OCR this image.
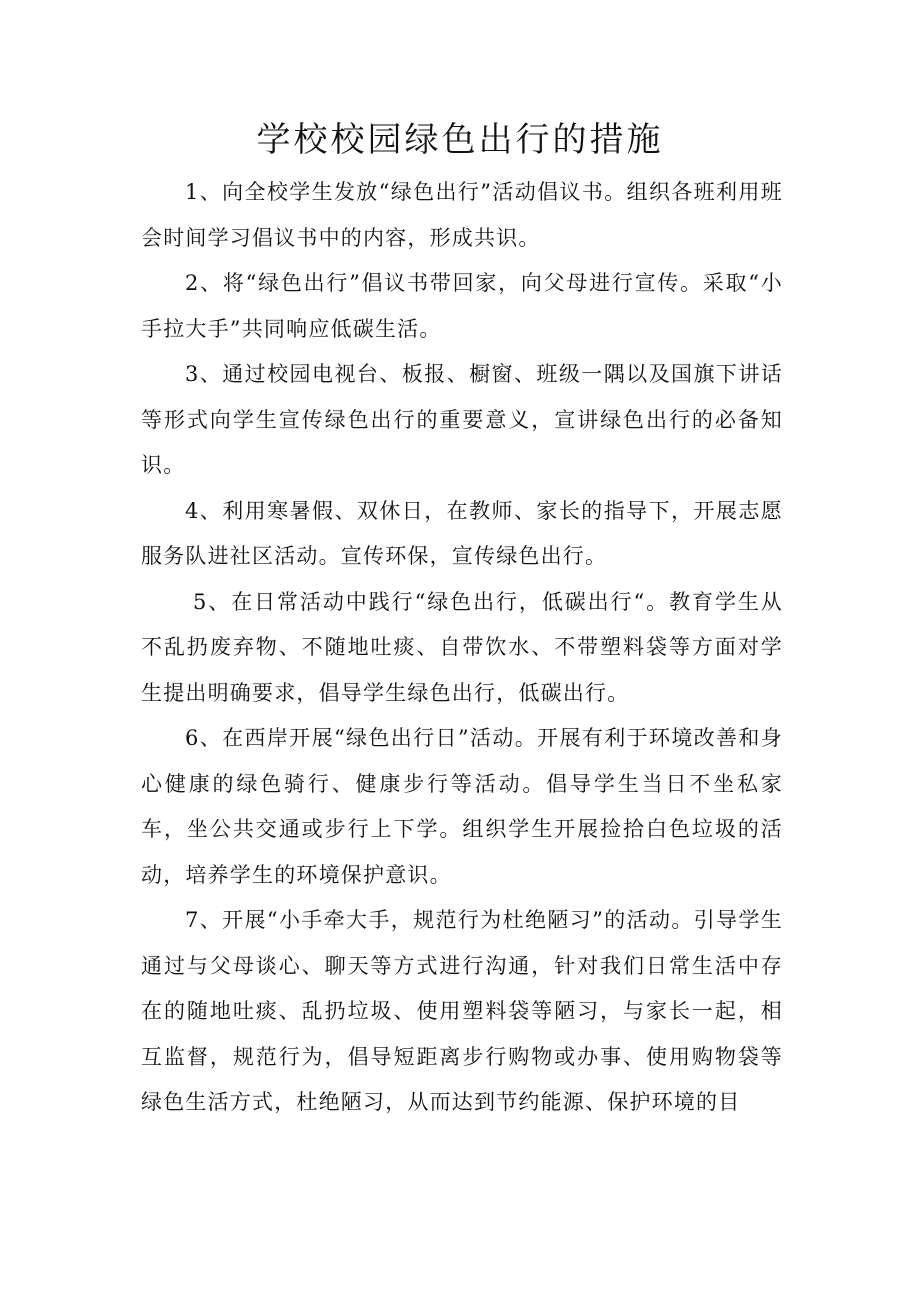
学校校园绿色出行的措施

1、向全校学生发放“绿色出行”活动倡议书。组织各班利用班会时间学习倡议书中的内容，形成共识。

2、将“绿色出行”倡议书带回家，向父母进行宣传。采取“小手拉大手”共同响应低碳生活。

3、通过校园电视台、板报、橱窗、班级一隅以及国旗下讲话等形式向学生宣传绿色出行的重要意义，宣讲绿色出行的必备知识。

4、利用寒暑假、双休日，在教师、家长的指导下，开展志愿服务队进社区活动。宣传环保，宣传绿色出行。

5、在日常活动中践行“绿色出行，低碳出行“。教育学生从不乱扔废弃物、不随地吐痰、自带饮水、不带塑料袋等方面对学生提出明确要求，倡导学生绿色出行，低碳出行。

6、在西岸开展“绿色出行日”活动。开展有利于环境改善和身心健康的绿色骑行、健康步行等活动。倡导学生当日不坐私家车，坐公共交通或步行上下学。组织学生开展捡拾白色垃圾的活动，培养学生的环境保护意识。

7、开展“小手牵大手，规范行为杜绝陋习”的活动。引导学生通过与父母谈心、聊天等方式进行沟通，针对我们日常生活中存在的随地吐痰、乱扔垃圾、使用塑料袋等陋习，与家长一起，相互监督，规范行为，倡导短距离步行购物或办事、使用购物袋等绿色生活方式，杜绝陋习，从而达到节约能源、保护环境的目
